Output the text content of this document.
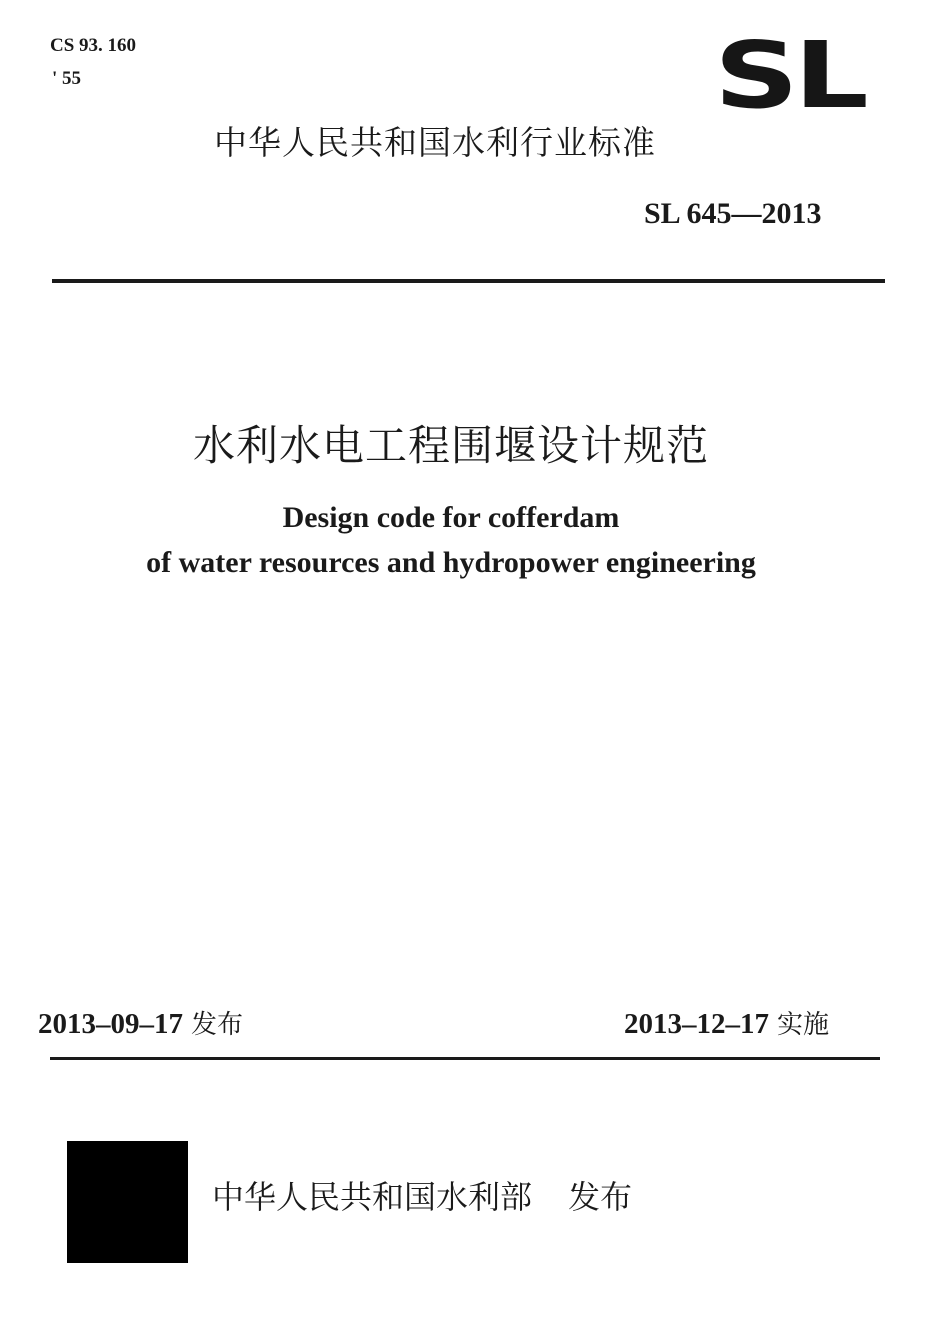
CS 93. 160
' 55	SL
中华人民共和国水利行业标准
SL 645—2013
水利水电工程围堰设计规范
Design code for cofferdam
of water resources and hydropower engineering
2013–09–17 发布	2013–12–17 实施
中华人民共和国水利部 发布
